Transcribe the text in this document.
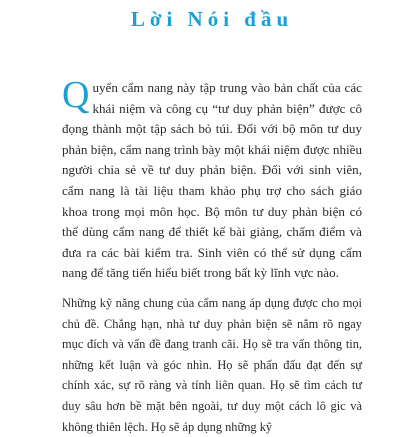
Lời Nói đầu

Quyển cẩm nang này tập trung vào bản chất của các khái niệm và công cụ “tư duy phản biện” được cô đọng thành một tập sách bỏ túi. Đối với bộ môn tư duy phản biện, cẩm nang trình bày một khái niệm được nhiều người chia sẻ về tư duy phản biện. Đối với sinh viên, cẩm nang là tài liệu tham khảo phụ trợ cho sách giáo khoa trong mọi môn học. Bộ môn tư duy phản biện có thể dùng cẩm nang để thiết kế bài giảng, chấm điểm và đưa ra các bài kiểm tra. Sinh viên có thể sử dụng cẩm nang để tăng tiến hiểu biết trong bất kỳ lĩnh vực nào.

Những kỹ năng chung của cẩm nang áp dụng được cho mọi chủ đề. Chẳng hạn, nhà tư duy phản biện sẽ nắm rõ ngay mục đích và vấn đề đang tranh cãi. Họ sẽ tra vấn thông tin, những kết luận và góc nhìn. Họ sẽ phấn đấu đạt đến sự chính xác, sự rõ ràng và tính liên quan. Họ sẽ tìm cách tư duy sâu hơn bề mặt bên ngoài, tư duy một cách lô gic và không thiên lệch. Họ sẽ áp dụng những kỹ
